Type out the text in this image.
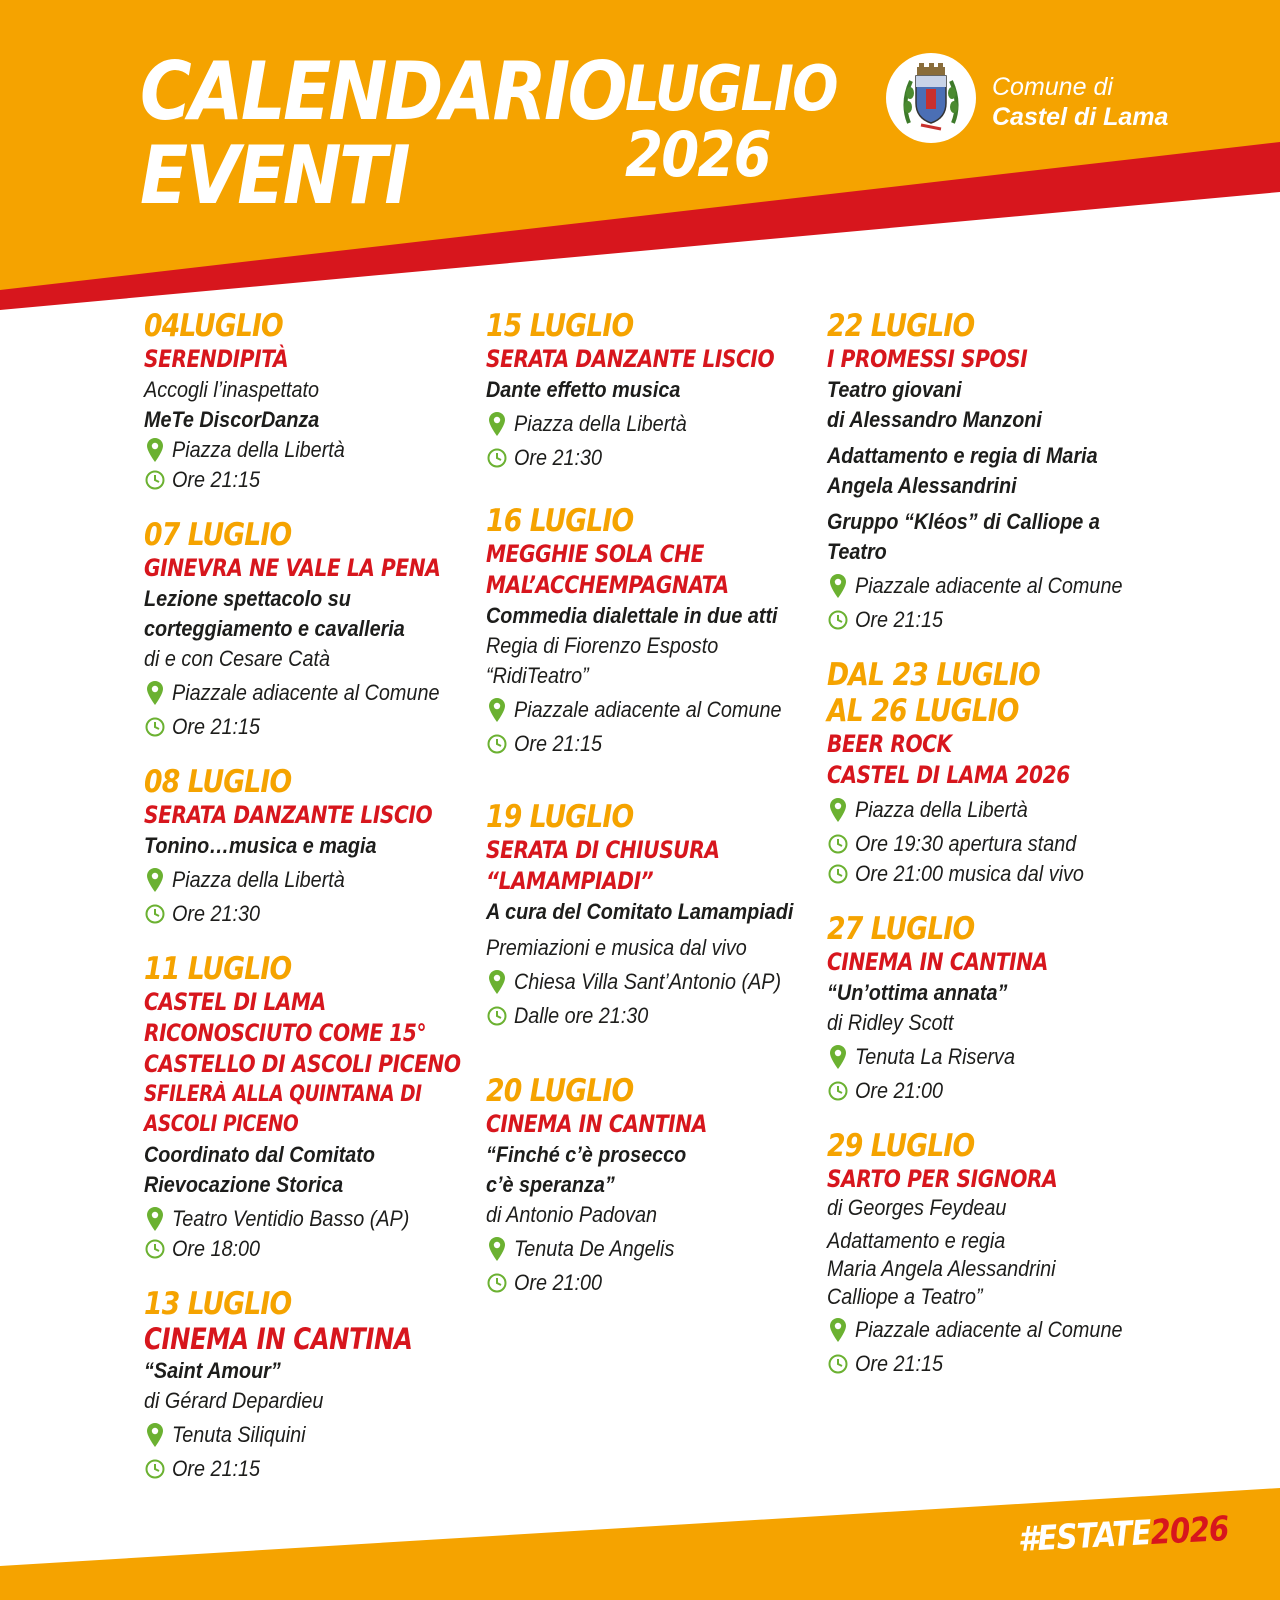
CALENDARIO
EVENTI
LUGLIO
2026
Comune di
Castel di Lama
04LUGLIO
SERENDIPITÀ
Accogli l’inaspettato
MeTe DiscorDanza
Piazza della Libertà
Ore 21:15
07 LUGLIO
GINEVRA NE VALE LA PENA
Lezione spettacolo su
corteggiamento e cavalleria
di e con Cesare Catà
Piazzale adiacente al Comune
Ore 21:15
08 LUGLIO
SERATA DANZANTE LISCIO
Tonino…musica e magia
Piazza della Libertà
Ore 21:30
11 LUGLIO
CASTEL DI LAMA
RICONOSCIUTO COME 15°
CASTELLO DI ASCOLI PICENO
SFILERÀ ALLA QUINTANA DI
ASCOLI PICENO
Coordinato dal Comitato
Rievocazione Storica
Teatro Ventidio Basso (AP)
Ore 18:00
13 LUGLIO
CINEMA IN CANTINA
“Saint Amour”
di Gérard Depardieu
Tenuta Siliquini
Ore 21:15
15 LUGLIO
SERATA DANZANTE LISCIO
Dante effetto musica
Piazza della Libertà
Ore 21:30
16 LUGLIO
MEGGHIE SOLA CHE
MAL’ACCHEMPAGNATA
Commedia dialettale in due atti
Regia di Fiorenzo Esposto
“RidiTeatro”
Piazzale adiacente al Comune
Ore 21:15
19 LUGLIO
SERATA DI CHIUSURA
“LAMAMPIADI”
A cura del Comitato Lamampiadi
Premiazioni e musica dal vivo
Chiesa Villa Sant’Antonio (AP)
Dalle ore 21:30
20 LUGLIO
CINEMA IN CANTINA
“Finché c’è prosecco
c’è speranza”
di Antonio Padovan
Tenuta De Angelis
Ore 21:00
22 LUGLIO
I PROMESSI SPOSI
Teatro giovani
di Alessandro Manzoni
Adattamento e regia di Maria
Angela Alessandrini
Gruppo “Kléos” di Calliope a
Teatro
Piazzale adiacente al Comune
Ore 21:15
DAL 23 LUGLIO
AL 26 LUGLIO
BEER ROCK
CASTEL DI LAMA 2026
Piazza della Libertà
Ore 19:30 apertura stand
Ore 21:00 musica dal vivo
27 LUGLIO
CINEMA IN CANTINA
“Un’ottima annata”
di Ridley Scott
Tenuta La Riserva
Ore 21:00
29 LUGLIO
SARTO PER SIGNORA
di Georges Feydeau
Adattamento e regia
Maria Angela Alessandrini
Calliope a Teatro”
Piazzale adiacente al Comune
Ore 21:15
#ESTATE2026
